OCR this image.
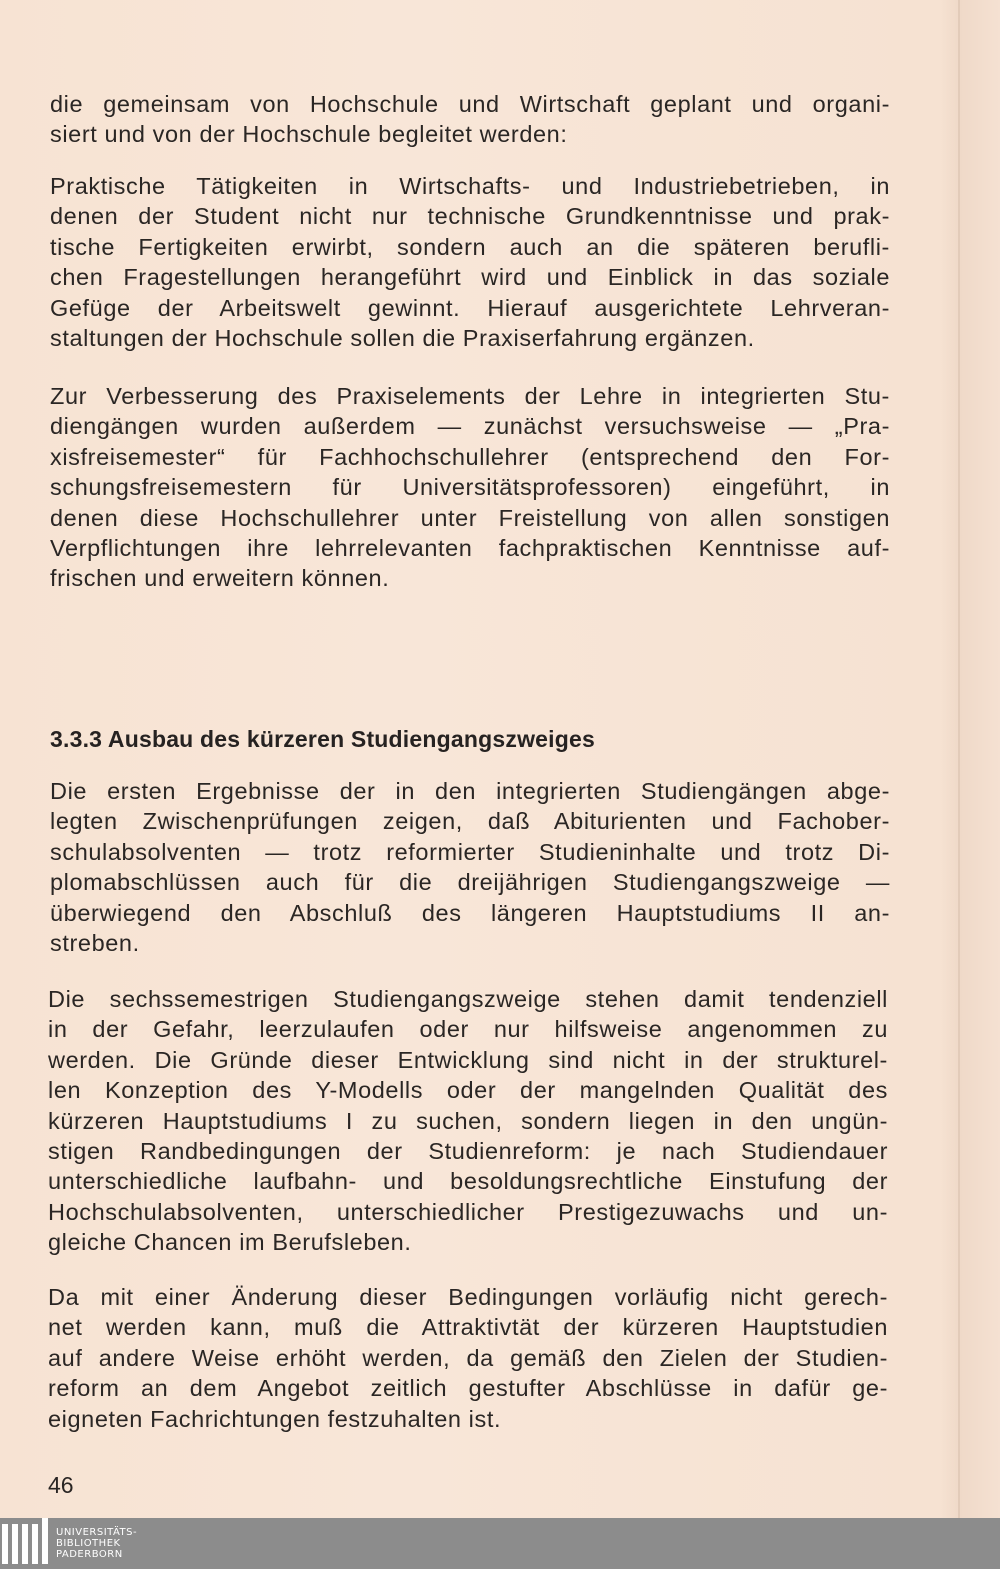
die gemeinsam von Hochschule und Wirtschaft geplant und organi-
siert und von der Hochschule begleitet werden:

Praktische Tätigkeiten in Wirtschafts- und Industriebetrieben, in
denen der Student nicht nur technische Grundkenntnisse und prak-
tische Fertigkeiten erwirbt, sondern auch an die späteren berufli-
chen Fragestellungen herangeführt wird und Einblick in das soziale
Gefüge der Arbeitswelt gewinnt. Hierauf ausgerichtete Lehrveran-
staltungen der Hochschule sollen die Praxiserfahrung ergänzen.

Zur Verbesserung des Praxiselements der Lehre in integrierten Stu-
diengängen wurden außerdem — zunächst versuchsweise — „Pra-
xisfreisemester“ für Fachhochschullehrer (entsprechend den For-
schungsfreisemestern für Universitätsprofessoren) eingeführt, in
denen diese Hochschullehrer unter Freistellung von allen sonstigen
Verpflichtungen ihre lehrrelevanten fachpraktischen Kenntnisse auf-
frischen und erweitern können.

3.3.3 Ausbau des kürzeren Studiengangszweiges

Die ersten Ergebnisse der in den integrierten Studiengängen abge-
legten Zwischenprüfungen zeigen, daß Abiturienten und Fachober-
schulabsolventen — trotz reformierter Studieninhalte und trotz Di-
plomabschlüssen auch für die dreijährigen Studiengangszweige —
überwiegend den Abschluß des längeren Hauptstudiums II an-
streben.

Die sechssemestrigen Studiengangszweige stehen damit tendenziell
in der Gefahr, leerzulaufen oder nur hilfsweise angenommen zu
werden. Die Gründe dieser Entwicklung sind nicht in der strukturel-
len Konzeption des Y-Modells oder der mangelnden Qualität des
kürzeren Hauptstudiums I zu suchen, sondern liegen in den ungün-
stigen Randbedingungen der Studienreform: je nach Studiendauer
unterschiedliche laufbahn- und besoldungsrechtliche Einstufung der
Hochschulabsolventen, unterschiedlicher Prestigezuwachs und un-
gleiche Chancen im Berufsleben.

Da mit einer Änderung dieser Bedingungen vorläufig nicht gerech-
net werden kann, muß die Attraktivtät der kürzeren Hauptstudien
auf andere Weise erhöht werden, da gemäß den Zielen der Studien-
reform an dem Angebot zeitlich gestufter Abschlüsse in dafür ge-
eigneten Fachrichtungen festzuhalten ist.

46
UNIVERSITÄTS-
BIBLIOTHEK
PADERBORN
